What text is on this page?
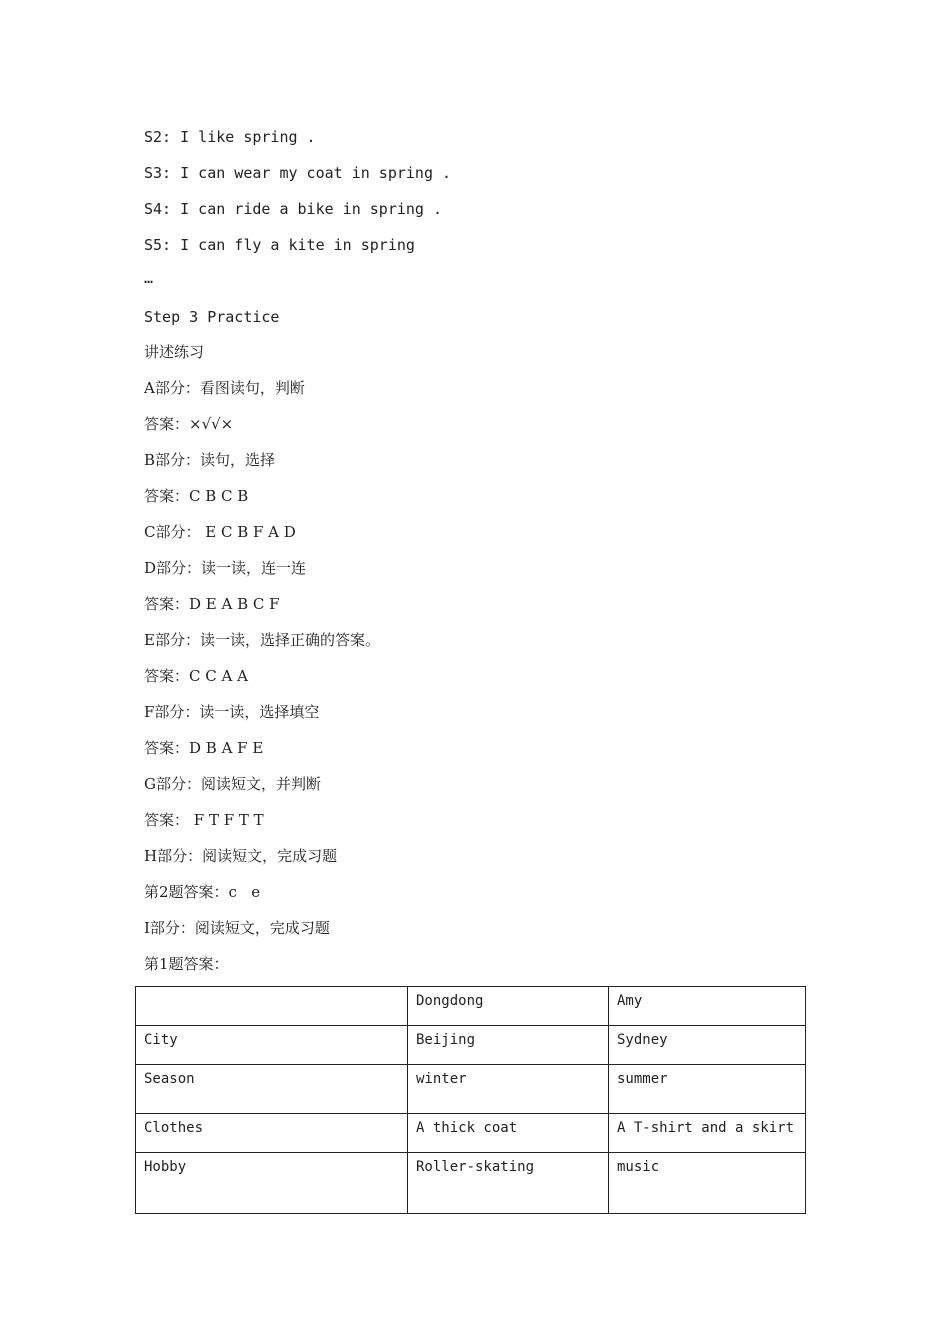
S2: I like spring .
S3: I can wear my coat in spring .
S4: I can ride a bike in spring .
S5: I can fly a kite in spring
…
Step 3 Practice
讲述练习
A部分：看图读句，判断
答案：×√√×
B部分：读句，选择
答案：C B C B
C部分： E C B F A D
D部分：读一读，连一连
答案：D E A B C F
E部分：读一读，选择正确的答案。
答案：C C A A
F部分：读一读，选择填空
答案：D B A F E
G部分：阅读短文，并判断
答案： F T F T T
H部分：阅读短文，完成习题
第2题答案：c   e
I部分：阅读短文，完成习题
第1题答案：
	Dongdong	Amy
City	Beijing	Sydney
Season	winter	summer
Clothes	A thick coat	A T-shirt and a skirt
Hobby	Roller-skating	music
